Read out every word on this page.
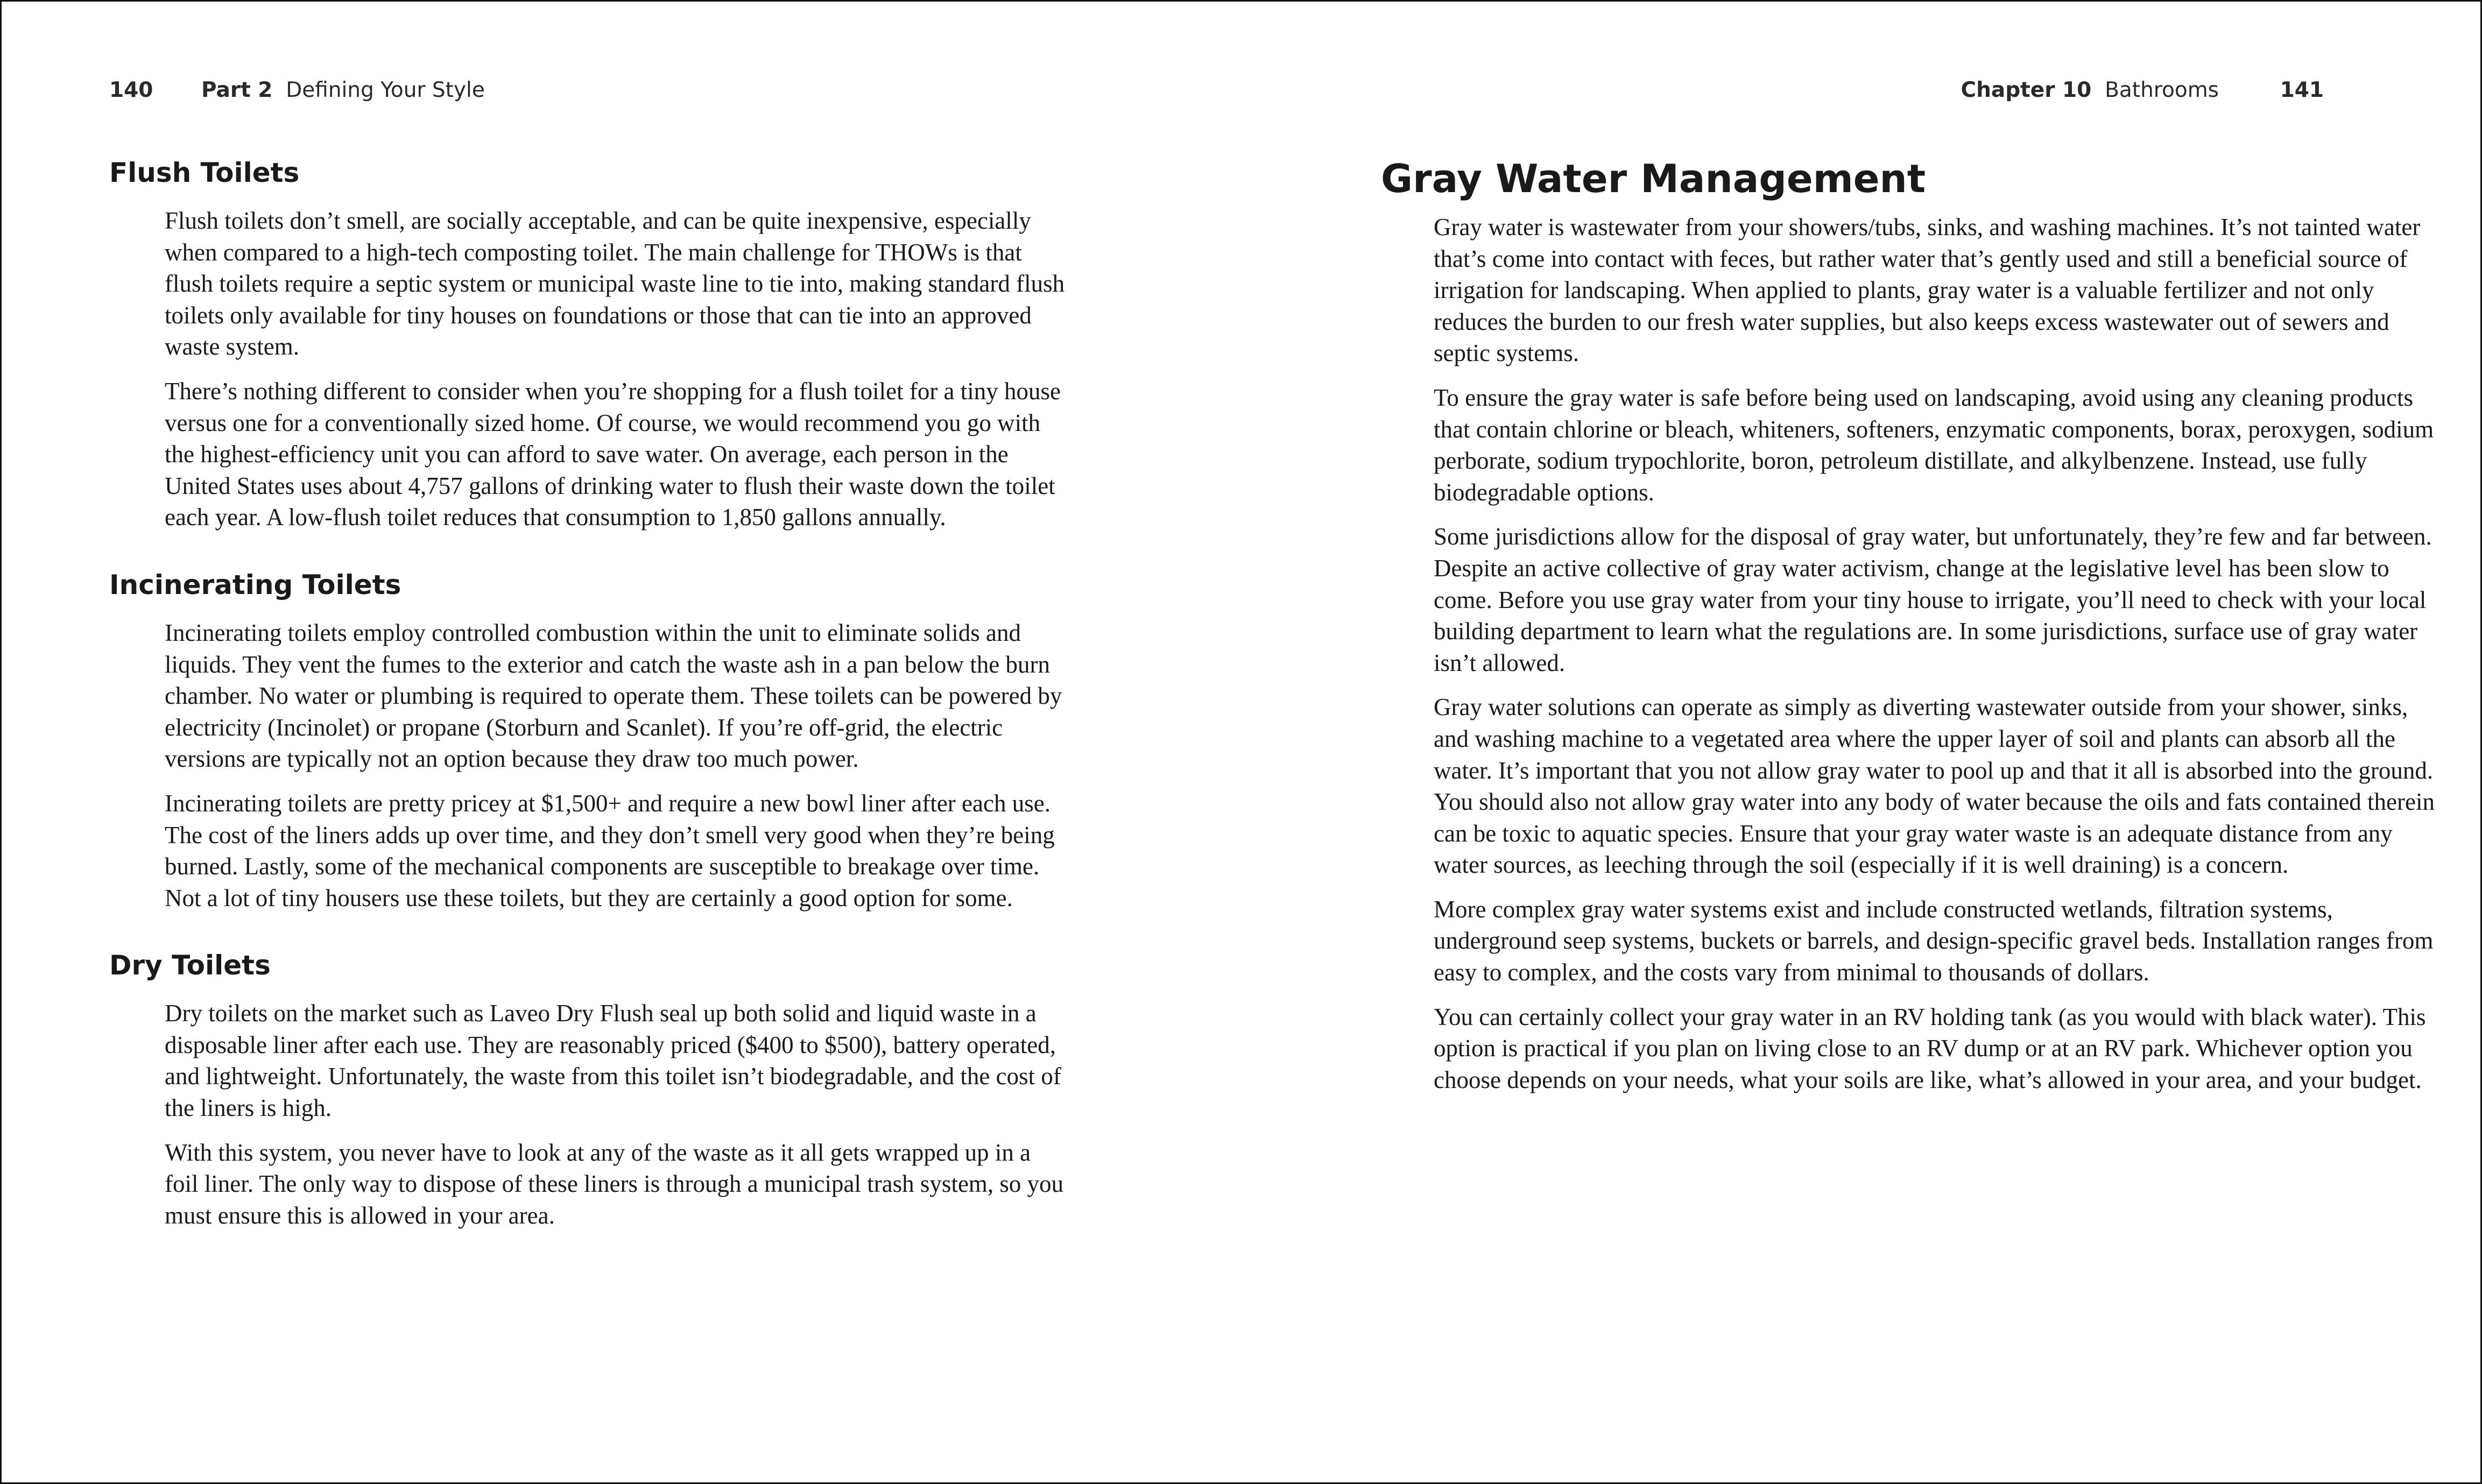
140 Part 2 Defining Your Style
Flush Toilets

Flush toilets don’t smell, are socially acceptable, and can be quite inexpensive, especially when compared to a high-tech composting toilet. The main challenge for THOWs is that flush toilets require a septic system or municipal waste line to tie into, making standard flush toilets only available for tiny houses on foundations or those that can tie into an approved waste system.

There’s nothing different to consider when you’re shopping for a flush toilet for a tiny house versus one for a conventionally sized home. Of course, we would recommend you go with the highest-efficiency unit you can afford to save water. On average, each person in the United States uses about 4,757 gallons of drinking water to flush their waste down the toilet each year. A low-flush toilet reduces that consumption to 1,850 gallons annually.

Incinerating Toilets

Incinerating toilets employ controlled combustion within the unit to eliminate solids and liquids. They vent the fumes to the exterior and catch the waste ash in a pan below the burn chamber. No water or plumbing is required to operate them. These toilets can be powered by electricity (Incinolet) or propane (Storburn and Scanlet). If you’re off-grid, the electric versions are typically not an option because they draw too much power.

Incinerating toilets are pretty pricey at $1,500+ and require a new bowl liner after each use. The cost of the liners adds up over time, and they don’t smell very good when they’re being burned. Lastly, some of the mechanical components are susceptible to breakage over time. Not a lot of tiny housers use these toilets, but they are certainly a good option for some.

Dry Toilets

Dry toilets on the market such as Laveo Dry Flush seal up both solid and liquid waste in a disposable liner after each use. They are reasonably priced ($400 to $500), battery operated, and lightweight. Unfortunately, the waste from this toilet isn’t biodegradable, and the cost of the liners is high.

With this system, you never have to look at any of the waste as it all gets wrapped up in a foil liner. The only way to dispose of these liners is through a municipal trash system, so you must ensure this is allowed in your area.

Chapter 10 Bathrooms	141
Gray Water Management

Gray water is wastewater from your showers/tubs, sinks, and washing machines. It’s not tainted water that’s come into contact with feces, but rather water that’s gently used and still a beneficial source of irrigation for landscaping. When applied to plants, gray water is a valuable fertilizer and not only reduces the burden to our fresh water supplies, but also keeps excess wastewater out of sewers and septic systems.

To ensure the gray water is safe before being used on landscaping, avoid using any cleaning products that contain chlorine or bleach, whiteners, softeners, enzymatic components, borax, peroxygen, sodium perborate, sodium trypochlorite, boron, petroleum distillate, and alkylbenzene. Instead, use fully biodegradable options.

Some jurisdictions allow for the disposal of gray water, but unfortunately, they’re few and far between. Despite an active collective of gray water activism, change at the legislative level has been slow to come. Before you use gray water from your tiny house to irrigate, you’ll need to check with your local building department to learn what the regulations are. In some jurisdictions, surface use of gray water isn’t allowed.

Gray water solutions can operate as simply as diverting wastewater outside from your shower, sinks, and washing machine to a vegetated area where the upper layer of soil and plants can absorb all the water. It’s important that you not allow gray water to pool up and that it all is absorbed into the ground. You should also not allow gray water into any body of water because the oils and fats contained therein can be toxic to aquatic species. Ensure that your gray water waste is an adequate distance from any water sources, as leeching through the soil (especially if it is well draining) is a concern.

More complex gray water systems exist and include constructed wetlands, filtration systems, underground seep systems, buckets or barrels, and design-specific gravel beds. Installation ranges from easy to complex, and the costs vary from minimal to thousands of dollars.

You can certainly collect your gray water in an RV holding tank (as you would with black water). This option is practical if you plan on living close to an RV dump or at an RV park. Whichever option you choose depends on your needs, what your soils are like, what’s allowed in your area, and your budget.
